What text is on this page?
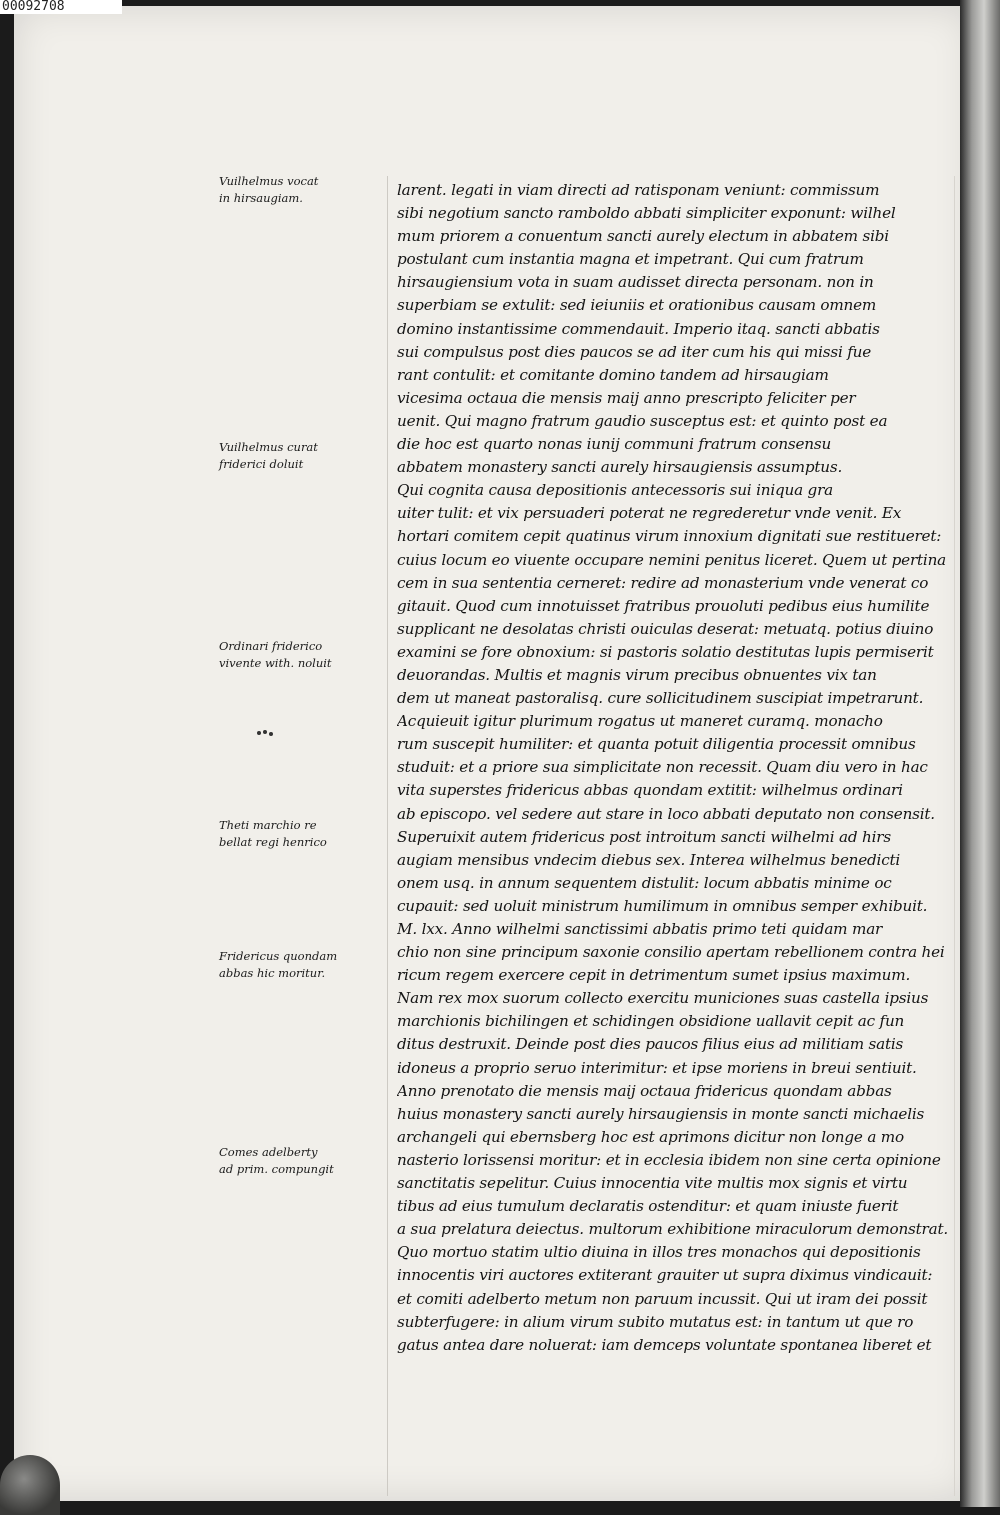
Vuilhelmus vocat
in hirsaugiam.
Vuilhelmus curat
friderici doluit
Ordinari friderico
vivente with. noluit
Theti marchio re
bellat regi henrico
Fridericus quondam
abbas hic moritur.
Comes adelberty
ad prim. compungit
larent. legati in viam directi ad ratisponam veniunt: commissum
sibi negotium sancto ramboldo abbati simpliciter exponunt: wilhel
mum priorem a conuentum sancti aurely electum in abbatem sibi
postulant cum instantia magna et impetrant. Qui cum fratrum
hirsaugiensium vota in suam audisset directa personam. non in
superbiam se extulit: sed ieiuniis et orationibus causam omnem
domino instantissime commendauit. Imperio itaq. sancti abbatis
sui compulsus post dies paucos se ad iter cum his qui missi fue
rant contulit: et comitante domino tandem ad hirsaugiam
vicesima octaua die mensis maij anno prescripto feliciter per
uenit. Qui magno fratrum gaudio susceptus est: et quinto post ea
die hoc est quarto nonas iunij communi fratrum consensu
abbatem monastery sancti aurely hirsaugiensis assumptus.
Qui cognita causa depositionis antecessoris sui iniqua gra
uiter tulit: et vix persuaderi poterat ne regrederetur vnde venit. Ex
hortari comitem cepit quatinus virum innoxium dignitati sue restitueret:
cuius locum eo viuente occupare nemini penitus liceret. Quem ut pertina
cem in sua sententia cerneret: redire ad monasterium vnde venerat co
gitauit. Quod cum innotuisset fratribus prouoluti pedibus eius humilite
supplicant ne desolatas christi ouiculas deserat: metuatq. potius diuino
examini se fore obnoxium: si pastoris solatio destitutas lupis permiserit
deuorandas. Multis et magnis virum precibus obnuentes vix tan
dem ut maneat pastoralisq. cure sollicitudinem suscipiat impetrarunt.
Acquieuit igitur plurimum rogatus ut maneret curamq. monacho
rum suscepit humiliter: et quanta potuit diligentia processit omnibus
studuit: et a priore sua simplicitate non recessit. Quam diu vero in hac
vita superstes fridericus abbas quondam extitit: wilhelmus ordinari
ab episcopo. vel sedere aut stare in loco abbati deputato non consensit.
Superuixit autem fridericus post introitum sancti wilhelmi ad hirs
augiam mensibus vndecim diebus sex. Interea wilhelmus benedicti
onem usq. in annum sequentem distulit: locum abbatis minime oc
cupauit: sed uoluit ministrum humilimum in omnibus semper exhibuit.
M. lxx. Anno wilhelmi sanctissimi abbatis primo teti quidam mar
chio non sine principum saxonie consilio apertam rebellionem contra hei
ricum regem exercere cepit in detrimentum sumet ipsius maximum.
Nam rex mox suorum collecto exercitu municiones suas castella ipsius
marchionis bichilingen et schidingen obsidione uallavit cepit ac fun
ditus destruxit. Deinde post dies paucos filius eius ad militiam satis
idoneus a proprio seruo interimitur: et ipse moriens in breui sentiuit.
Anno prenotato die mensis maij octaua fridericus quondam abbas
huius monastery sancti aurely hirsaugiensis in monte sancti michaelis
archangeli qui ebernsberg hoc est aprimons dicitur non longe a mo
nasterio lorissensi moritur: et in ecclesia ibidem non sine certa opinione
sanctitatis sepelitur. Cuius innocentia vite multis mox signis et virtu
tibus ad eius tumulum declaratis ostenditur: et quam iniuste fuerit
a sua prelatura deiectus. multorum exhibitione miraculorum demonstrat.
Quo mortuo statim ultio diuina in illos tres monachos qui depositionis
innocentis viri auctores extiterant grauiter ut supra diximus vindicauit:
et comiti adelberto metum non paruum incussit. Qui ut iram dei possit
subterfugere: in alium virum subito mutatus est: in tantum ut que ro
gatus antea dare noluerat: iam demceps voluntate spontanea liberet et
00092708
